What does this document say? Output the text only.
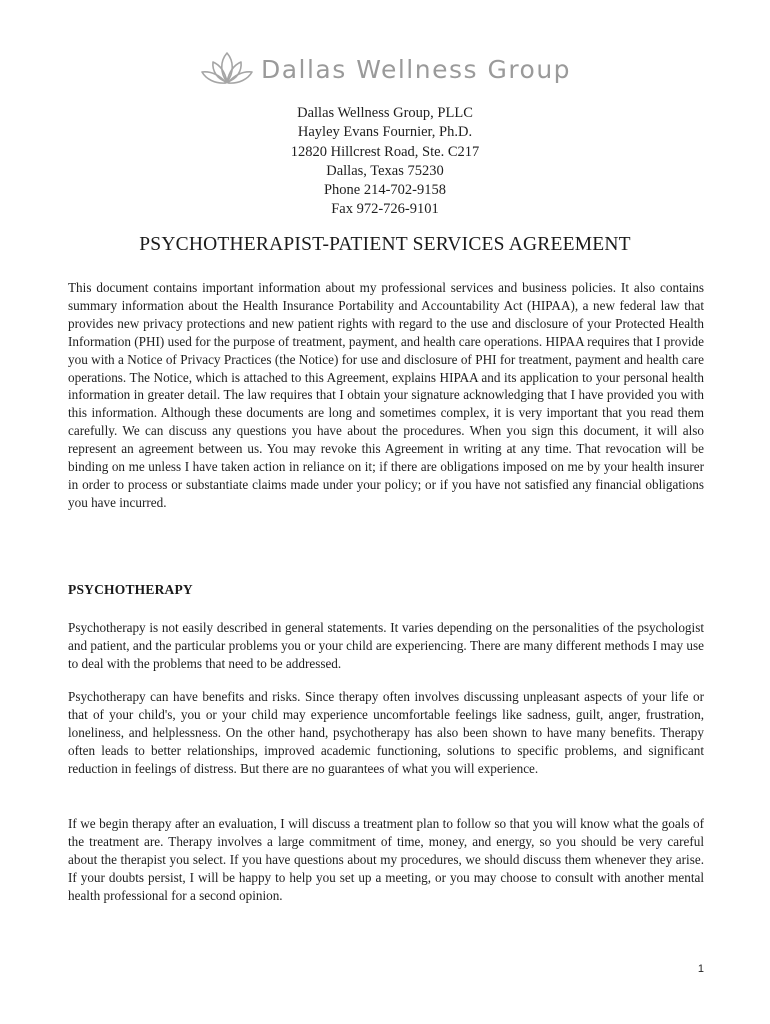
Dallas Wellness Group
Dallas Wellness Group, PLLC
Hayley Evans Fournier, Ph.D.
12820 Hillcrest Road, Ste. C217
Dallas, Texas 75230
Phone 214-702-9158
Fax 972-726-9101
PSYCHOTHERAPIST-PATIENT SERVICES AGREEMENT

This document contains important information about my professional services and business policies. It also contains summary information about the Health Insurance Portability and Accountability Act (HIPAA), a new federal law that provides new privacy protections and new patient rights with regard to the use and disclosure of your Protected Health Information (PHI) used for the purpose of treatment, payment, and health care operations. HIPAA requires that I provide you with a Notice of Privacy Practices (the Notice) for use and disclosure of PHI for treatment, payment and health care operations. The Notice, which is attached to this Agreement, explains HIPAA and its application to your personal health information in greater detail. The law requires that I obtain your signature acknowledging that I have provided you with this information. Although these documents are long and sometimes complex, it is very important that you read them carefully. We can discuss any questions you have about the procedures. When you sign this document, it will also represent an agreement between us. You may revoke this Agreement in writing at any time. That revocation will be binding on me unless I have taken action in reliance on it; if there are obligations imposed on me by your health insurer in order to process or substantiate claims made under your policy; or if you have not satisfied any financial obligations you have incurred.

PSYCHOTHERAPY

Psychotherapy is not easily described in general statements. It varies depending on the personalities of the psychologist and patient, and the particular problems you or your child are experiencing. There are many different methods I may use to deal with the problems that need to be addressed.

Psychotherapy can have benefits and risks. Since therapy often involves discussing unpleasant aspects of your life or that of your child's, you or your child may experience uncomfortable feelings like sadness, guilt, anger, frustration, loneliness, and helplessness. On the other hand, psychotherapy has also been shown to have many benefits. Therapy often leads to better relationships, improved academic functioning, solutions to specific problems, and significant reduction in feelings of distress. But there are no guarantees of what you will experience.

If we begin therapy after an evaluation, I will discuss a treatment plan to follow so that you will know what the goals of the treatment are. Therapy involves a large commitment of time, money, and energy, so you should be very careful about the therapist you select. If you have questions about my procedures, we should discuss them whenever they arise. If your doubts persist, I will be happy to help you set up a meeting, or you may choose to consult with another mental health professional for a second opinion.

1
